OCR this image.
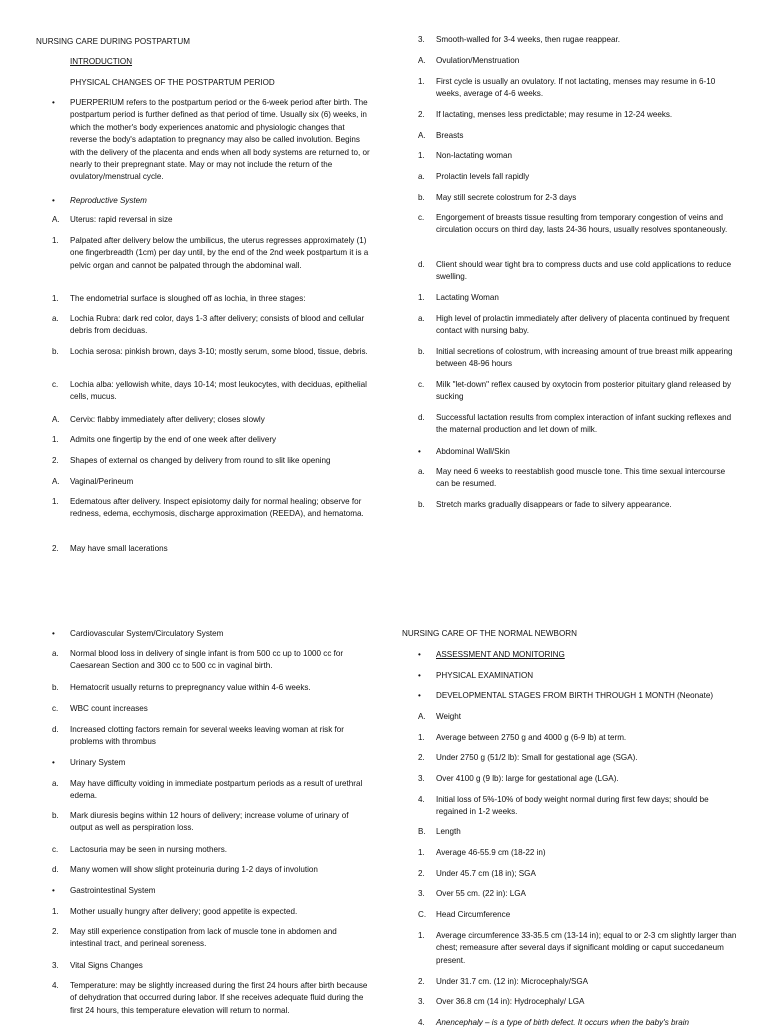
NURSING CARE DURING POSTPARTUM
INTRODUCTION
PHYSICAL CHANGES OF THE POSTPARTUM PERIOD
• PUERPERIUM refers to the postpartum period or the 6-week period after birth. The postpartum period is further defined as that period of time. Usually six (6) weeks, in which the mother's body experiences anatomic and physiologic changes that reverse the body's adaptation to pregnancy may also be called involution. Begins with the delivery of the placenta and ends when all body systems are returned to, or nearly to their prepregnant state. May or may not include the return of the ovulatory/menstrual cycle.
• Reproductive System
A. Uterus: rapid reversal in size
1. Palpated after delivery below the umbilicus, the uterus regresses approximately (1) one fingerbreadth (1cm) per day until, by the end of the 2nd week postpartum it is a pelvic organ and cannot be palpated through the abdominal wall.
1. The endometrial surface is sloughed off as lochia, in three stages:
a. Lochia Rubra: dark red color, days 1-3 after delivery; consists of blood and cellular debris from deciduas.
b. Lochia serosa: pinkish brown, days 3-10; mostly serum, some blood, tissue, debris.
c. Lochia alba: yellowish white, days 10-14; most leukocytes, with deciduas, epithelial cells, mucus.
A. Cervix: flabby immediately after delivery; closes slowly
1. Admits one fingertip by the end of one week after delivery
2. Shapes of external os changed by delivery from round to slit like opening
A. Vaginal/Perineum
1. Edematous after delivery. Inspect episiotomy daily for normal healing; observe for redness, edema, ecchymosis, discharge approximation (REEDA), and hematoma.
3. Smooth-walled for 3-4 weeks, then rugae reappear.
A. Ovulation/Menstruation
1. First cycle is usually an ovulatory. If not lactating, menses may resume in 6-10 weeks, average of 4-6 weeks.
2. If lactating, menses less predictable; may resume in 12-24 weeks.
A. Breasts
1. Non-lactating woman
a. Prolactin levels fall rapidly
b. May still secrete colostrum for 2-3 days
c. Engorgement of breasts tissue resulting from temporary congestion of veins and circulation occurs on third day, lasts 24-36 hours, usually resolves spontaneously.
d. Client should wear tight bra to compress ducts and use cold applications to reduce swelling.
1. Lactating Woman
a. High level of prolactin immediately after delivery of placenta continued by frequent contact with nursing baby.
b. Initial secretions of colostrum, with increasing amount of true breast milk appearing between 48-96 hours
c. Milk "let-down" reflex caused by oxytocin from posterior pituitary gland released by sucking
d. Successful lactation results from complex interaction of infant sucking reflexes and the maternal production and let down of milk.
• Abdominal Wall/Skin
a. May need 6 weeks to reestablish good muscle tone. This time sexual intercourse can be resumed.
b. Stretch marks gradually disappears or fade to silvery appearance.
2. May have small lacerations
• Cardiovascular System/Circulatory System
a. Normal blood loss in delivery of single infant is from 500 cc up to 1000 cc for Caesarean Section and 300 cc to 500 cc in vaginal birth.
b. Hematocrit usually returns to prepregnancy value within 4-6 weeks.
c. WBC count increases
d. Increased clotting factors remain for several weeks leaving woman at risk for problems with thrombus
• Urinary System
a. May have difficulty voiding in immediate postpartum periods as a result of urethral edema.
b. Mark diuresis begins within 12 hours of delivery; increase volume of urinary of output as well as perspiration loss.
c. Lactosuria may be seen in nursing mothers.
d. Many women will show slight proteinuria during 1-2 days of involution
• Gastrointestinal System
1. Mother usually hungry after delivery; good appetite is expected.
2. May still experience constipation from lack of muscle tone in abdomen and intestinal tract, and perineal soreness.
3. Vital Signs Changes
4. Temperature: may be slightly increased during the first 24 hours after birth because of dehydration that occurred during labor. If she receives adequate fluid during the first 24 hours, this temperature elevation will return to normal.
NURSING CARE OF THE NORMAL NEWBORN
• ASSESSMENT AND MONITORING
• PHYSICAL EXAMINATION
• DEVELOPMENTAL STAGES FROM BIRTH THROUGH 1 MONTH (Neonate)
A. Weight
1. Average between 2750 g and 4000 g (6-9 lb) at term.
2. Under 2750 g (51/2 lb): Small for gestational age (SGA).
3. Over 4100 g (9 lb): large for gestational age (LGA).
4. Initial loss of 5%-10% of body weight normal during first few days; should be regained in 1-2 weeks.
B. Length
1. Average 46-55.9 cm (18-22 in)
2. Under 45.7 cm (18 in); SGA
3. Over 55 cm. (22 in): LGA
C. Head Circumference
1. Average circumference 33-35.5 cm (13-14 in); equal to or 2-3 cm slightly larger than chest; remeasure after several days if significant molding or caput succedaneum present.
2. Under 31.7 cm. (12 in): Microcephaly/SGA
3. Over 36.8 cm (14 in): Hydrocephaly/ LGA
4. Anencephaly – is a type of birth defect. It occurs when the baby's brain
